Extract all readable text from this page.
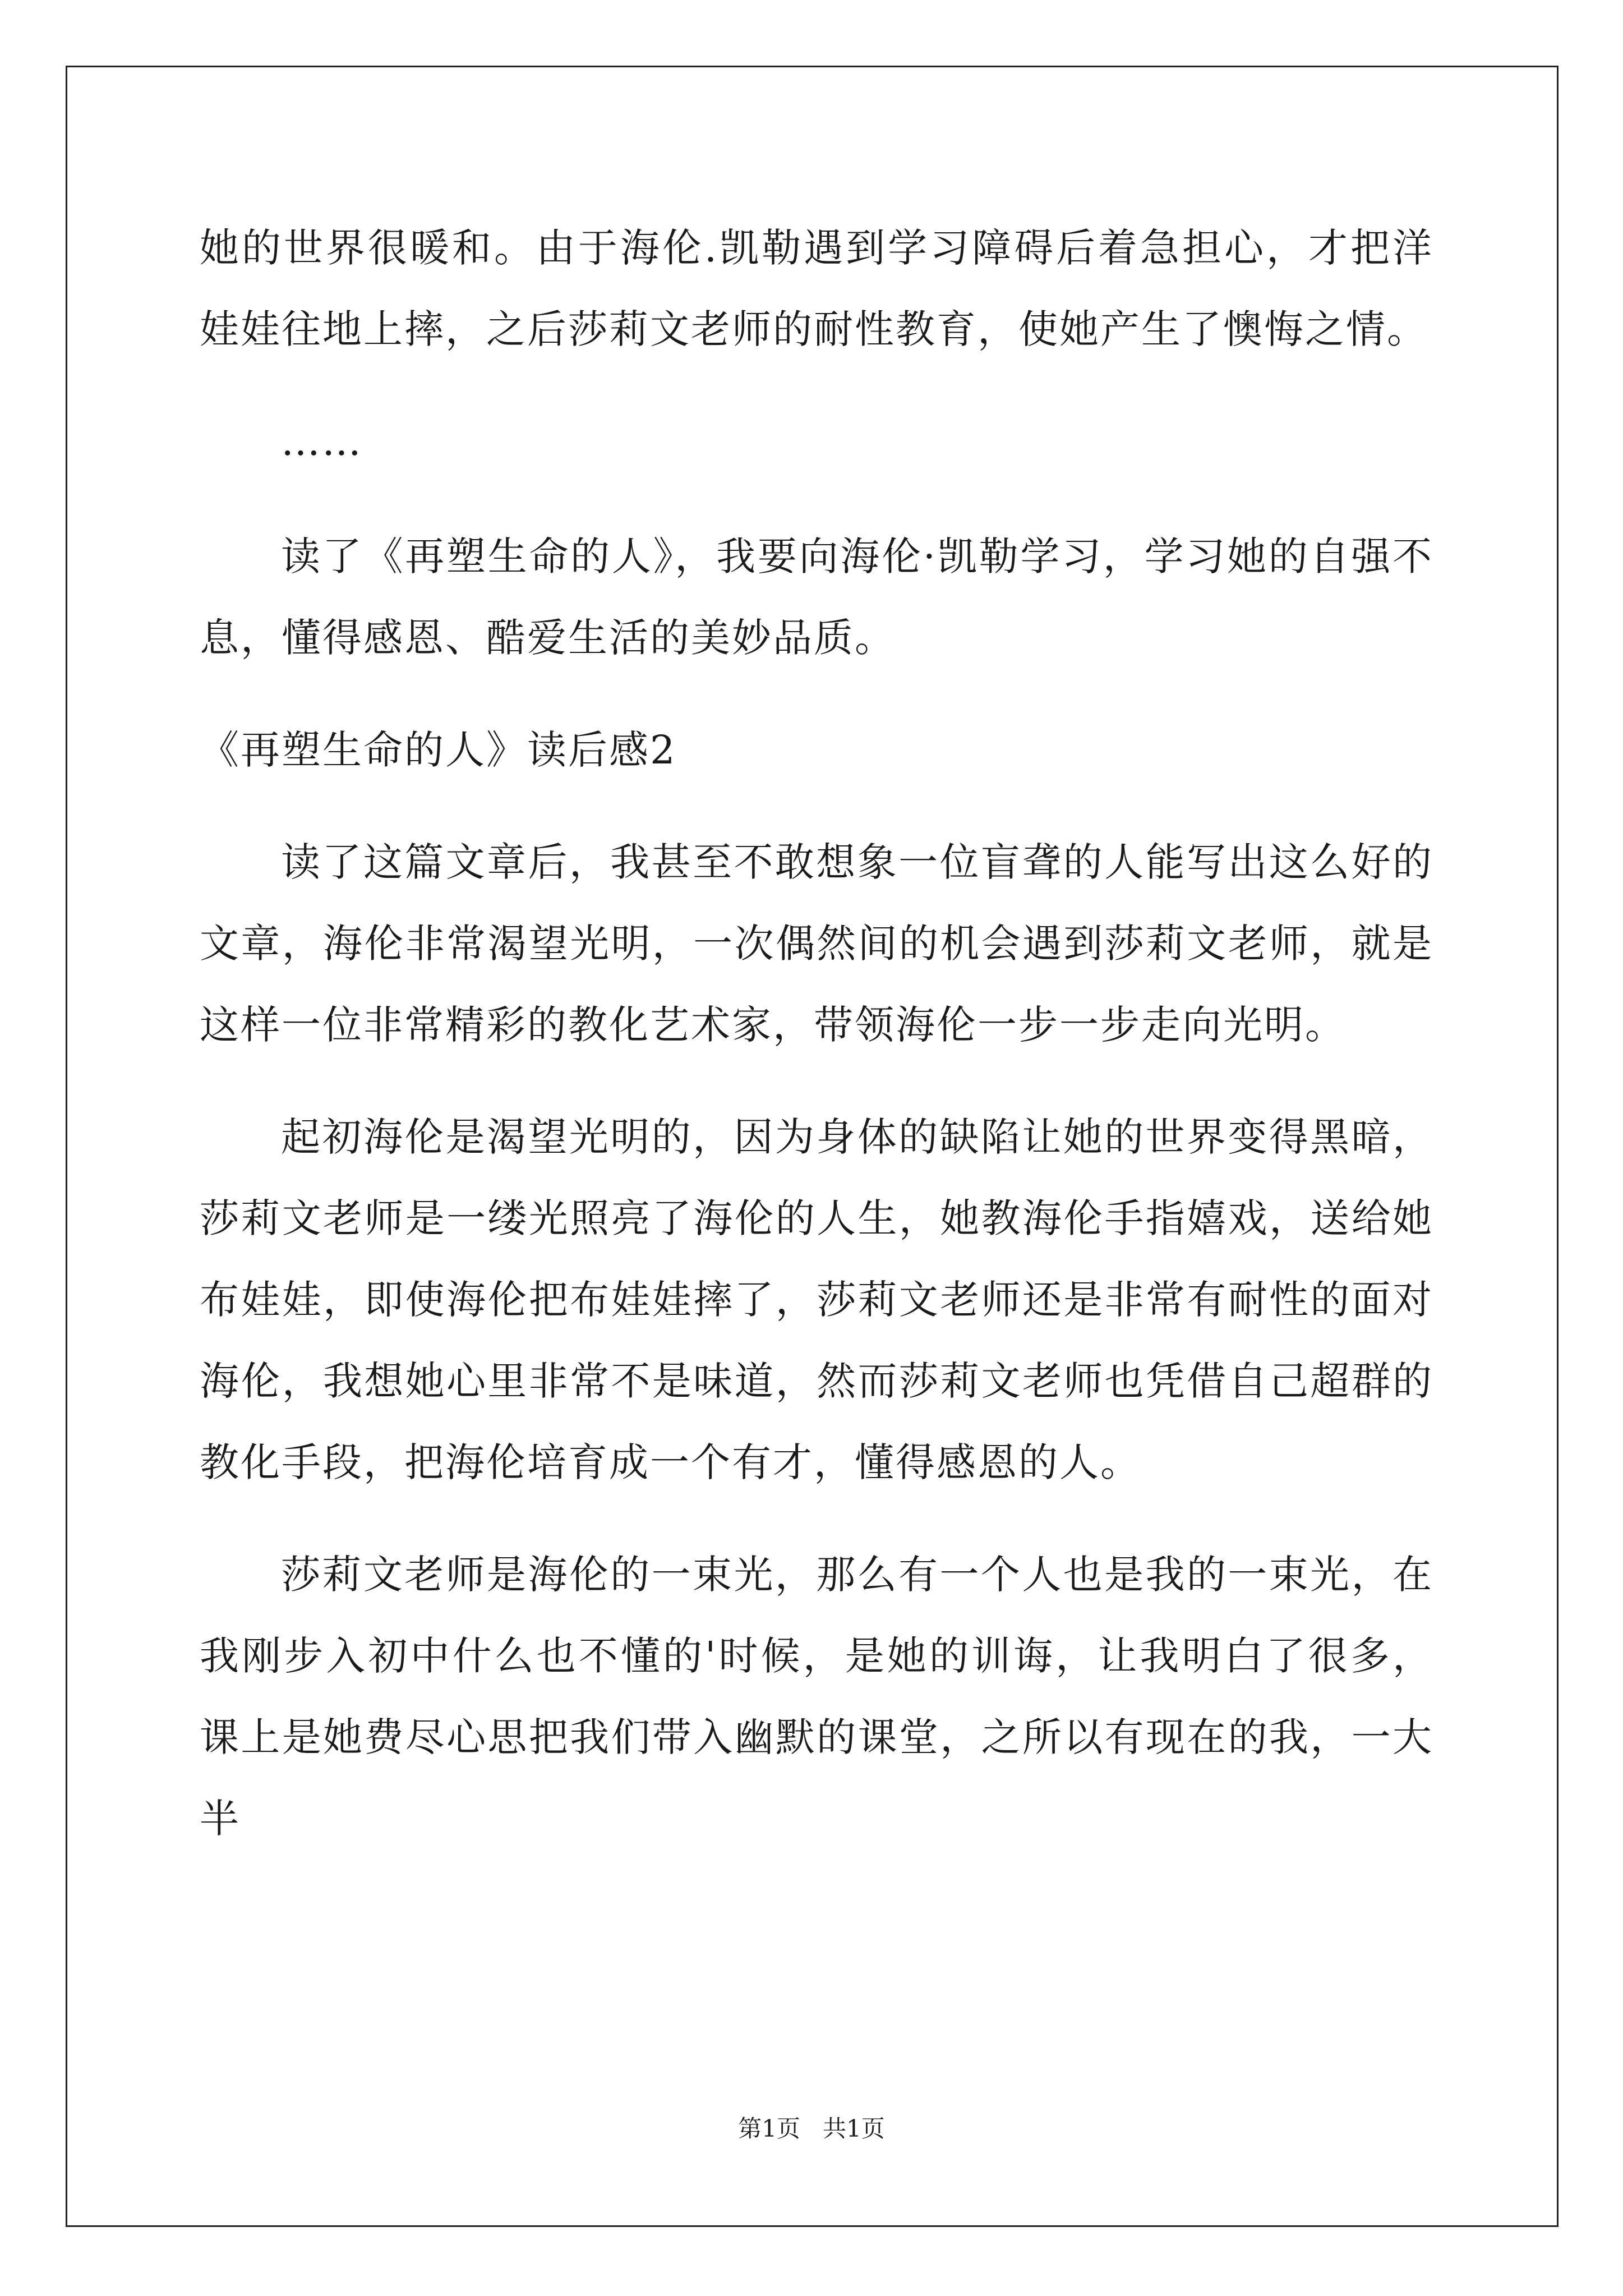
她的世界很暖和。由于海伦.凯勒遇到学习障碍后着急担心，才把洋娃娃往地上摔，之后莎莉文老师的耐性教育，使她产生了懊悔之情。

……

读了《再塑生命的人》，我要向海伦·凯勒学习，学习她的自强不息，懂得感恩、酷爱生活的美妙品质。

《再塑生命的人》读后感2

读了这篇文章后，我甚至不敢想象一位盲聋的人能写出这么好的文章，海伦非常渴望光明，一次偶然间的机会遇到莎莉文老师，就是这样一位非常精彩的教化艺术家，带领海伦一步一步走向光明。

起初海伦是渴望光明的，因为身体的缺陷让她的世界变得黑暗，莎莉文老师是一缕光照亮了海伦的人生，她教海伦手指嬉戏，送给她布娃娃，即使海伦把布娃娃摔了，莎莉文老师还是非常有耐性的面对海伦，我想她心里非常不是味道，然而莎莉文老师也凭借自己超群的教化手段，把海伦培育成一个有才，懂得感恩的人。

莎莉文老师是海伦的一束光，那么有一个人也是我的一束光，在我刚步入初中什么也不懂的'时候，是她的训诲，让我明白了很多，课上是她费尽心思把我们带入幽默的课堂，之所以有现在的我，一大半

第1页 共1页
